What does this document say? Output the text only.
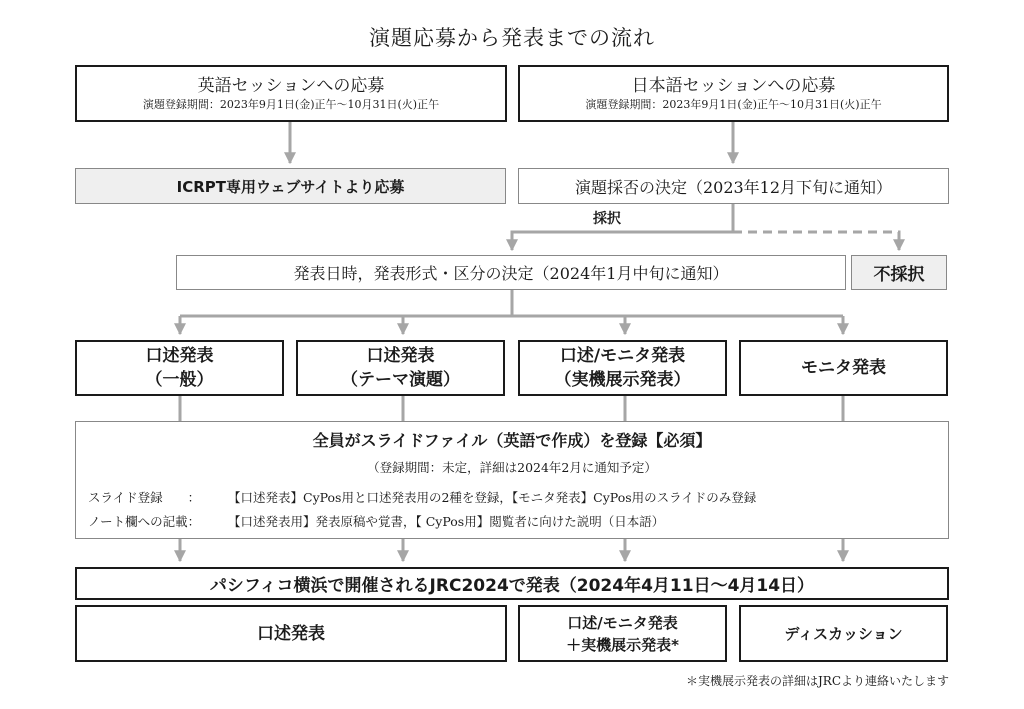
演題応募から発表までの流れ
英語セッションへの応募
演題登録期間：2023年9月1日(金)正午〜10月31日(火)正午
日本語セッションへの応募
演題登録期間：2023年9月1日(金)正午〜10月31日(火)正午
ICRPT専用ウェブサイトより応募	演題採否の決定（2023年12月下旬に通知）
採択
発表日時，発表形式・区分の決定（2024年1月中旬に通知）	不採択
口述発表
（一般）
口述発表
（テーマ演題）
口述/モニタ発表
（実機展示発表）
モニタ発表
全員がスライドファイル（英語で作成）を登録【必須】
（登録期間：未定，詳細は2024年2月に通知予定）
スライド登録　　： 【口述発表】CyPos用と口述発表用の2種を登録，【モニタ発表】CyPos用のスライドのみ登録
ノート欄への記載： 【口述発表用】発表原稿や覚書，【 CyPos用】閲覧者に向けた説明（日本語）
パシフィコ横浜で開催されるJRC2024で発表（2024年4月11日〜4月14日）
口述発表
口述/モニタ発表
＋実機展示発表*
ディスカッション
＊実機展示発表の詳細はJRCより連絡いたします
